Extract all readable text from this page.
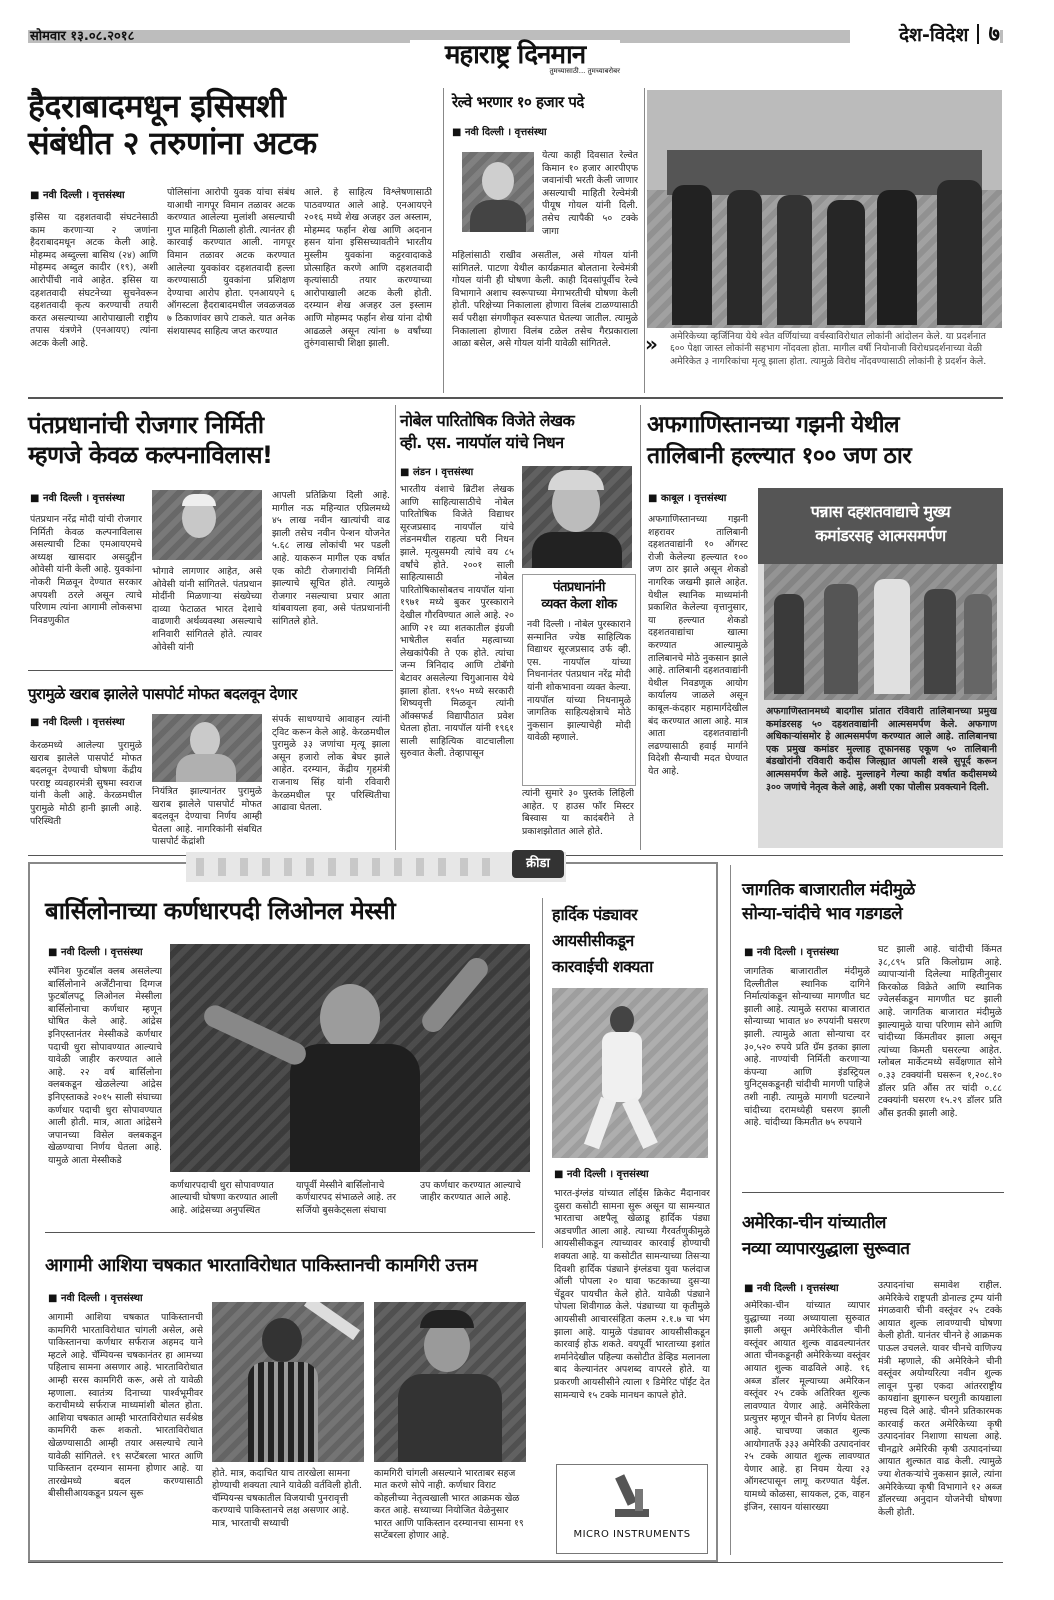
सोमवार १३.०८.२०१८
महाराष्ट्र दिनमान
तुमच्यासाठी... तुमच्याबरोबर
देश-विदेश ७
हैदराबादमधून इसिसशी
संबंधीत २ तरुणांना अटक
■ नवी दिल्ली । वृत्तसंस्था
इसिस या दहशतवादी संघटनेसाठी काम करणाऱ्या २ जणांना हैदराबादमधून अटक केली आहे. मोहम्मद अब्दुल्ला बासिथ (२४) आणि मोहम्मद अब्दुल कादीर (१९), अशी आरोपींची नावे आहेत. इसिस या दहशतवादी संघटनेच्या सुचनेवरून दहशतवादी कृत्य करण्याची तयारी करत असल्याच्या आरोपाखाली राष्ट्रीय तपास यंत्रणेने (एनआयए) त्यांना अटक केली आहे.
पोलिसांना आरोपी युवक यांचा संबंध याआधी नागपूर विमान तळावर अटक करण्यात आलेल्या मुलांशी असल्याची गुप्त माहिती मिळाली होती. त्यानंतर ही कारवाई करण्यात आली. नागपूर विमान तळावर अटक करण्यात आलेल्या युवकांवर दहशतवादी हल्ला करण्यासाठी युवकांना प्रशिक्षण देण्याचा आरोप होता. एनआयएने ६ ऑगस्टला हैदराबादमधील जवळजवळ ७ ठिकाणांवर छापे टाकले. यात अनेक संशयास्पद साहित्य जप्त करण्यात
आले. हे साहित्य विश्लेषणासाठी पाठवण्यात आले आहे. एनआयएने २०१६ मध्ये शेख अजहर उल अस्लाम, मोहम्मद फर्हान शेख आणि अदनान हसन यांना इसिसच्यावतीने भारतीय मुस्लीम युवकांना कट्टरवादाकडे प्रोत्साहित करणे आणि दहशतवादी कृत्यांसाठी तयार करण्याच्या आरोपाखाली अटक केली होती. दरम्यान शेख अजहर उल इस्लाम आणि मोहम्मद फर्हान शेख यांना दोषी आढळले असून त्यांना ७ वर्षांच्या तुरुंगवासाची शिक्षा झाली.
रेल्वे भरणार १० हजार पदे
■ नवी दिल्ली । वृत्तसंस्था
येत्या काही दिवसात रेल्वेत किमान १० हजार आरपीएफ जवानांची भरती केली जाणार असल्याची माहिती रेल्वेमंत्री पीयूष गोयल यांनी दिली. तसेच त्यापैकी ५० टक्के जागा
महिलांसाठी राखीव असतील, असे गोयल यांनी सांगितले. पाटणा येथील कार्यक्रमात बोलताना रेल्वेमंत्री गोयल यांनी ही घोषणा केली. काही दिवसांपूर्वीच रेल्वे विभागाने अशाच स्वरूपाच्या मेगाभरतीची घोषणा केली होती. परिक्षेच्या निकालाला होणारा विलंब टाळण्यासाठी सर्व परीक्षा संगणीकृत स्वरूपात घेतल्या जातील. त्यामुळे निकालाला होणारा विलंब टळेल तसेच गैरप्रकाराला आळा बसेल, असे गोयल यांनी यावेळी सांगितले.	» अमेरिकेच्या व्हर्जिनिया येथे श्वेत वर्णियांच्या वर्चस्वाविरोधात लोकांनी आंदोलन केले. या प्रदर्शनात ६०० पेक्षा जास्त लोकांनी सहभाग नोंदवला होता. मागील वर्षी नियोनाजी विरोधप्रदर्शनाच्या वेळी अमेरिकेत ३ नागरिकांचा मृत्यू झाला होता. त्यामुळे विरोध नोंदवण्यासाठी लोकांनी हे प्रदर्शन केले.
पंतप्रधानांची रोजगार निर्मिती
म्हणजे केवळ कल्पनाविलास!
■ नवी दिल्ली । वृत्तसंस्था
पंतप्रधान नरेंद्र मोदी यांची रोजगार निर्मिती केवळ कल्पनाविलास असल्याची टिका एमआयएमचे अध्यक्ष खासदार असदुद्दीन ओवेसी यांनी केली आहे. युवकांना नोकरी मिळवून देण्यात सरकार अपयशी ठरले असून त्याचे परिणाम त्यांना आगामी लोकसभा निवडणुकीत
भोगावे लागणार आहेत, असे ओवेसी यांनी सांगितले. पंतप्रधान मोदींनी मिळणाऱ्या संख्येच्या दाव्या फेटाळत भारत देशाचे वाढणारी अर्थव्यवस्था असल्याचे शनिवारी सांगितले होते. त्यावर ओवेसी यांनी
आपली प्रतिक्रिया दिली आहे. मागील नऊ महिन्यात एप्रिलमध्ये ४५ लाख नवीन खात्यांची वाढ झाली तसेच नवीन पेन्शन योजनेत ५.६८ लाख लोकांची भर पडली आहे. याकरून मागील एक वर्षात एक कोटी रोजगारांची निर्मिती झाल्याचे सूचित होते. त्यामुळे रोजगार नसल्याचा प्रचार आता थांबवायला हवा, असे पंतप्रधानांनी सांगितले होते.
पुरामुळे खराब झालेले पासपोर्ट मोफत बदलवून देणार
■ नवी दिल्ली । वृत्तसंस्था
केरळमध्ये आलेल्या पुरामुळे खराब झालेले पासपोर्ट मोफत बदलवून देण्याची घोषणा केंद्रीय परराष्ट्र व्यवहारमंत्री सुषमा स्वराज यांनी केली आहे. केरळमधील पुरामुळे मोठी हानी झाली आहे. परिस्थिती
नियंत्रित झाल्यानंतर पुरामुळे खराब झालेले पासपोर्ट मोफत बदलवून देण्याचा निर्णय आम्ही घेतला आहे. नागरिकांनी संबधित पासपोर्ट केंद्रांशी
संपर्क साधण्याचे आवाहन त्यांनी ट्विट करून केले आहे. केरळमधील पुरामुळे ३३ जणांचा मृत्यू झाला असून हजारो लोक बेघर झाले आहेत. दरम्यान, केंद्रीय गृहमंत्री राजनाथ सिंह यांनी रविवारी केरळमधील पूर परिस्थितीचा आढावा घेतला.
नोबेल पारितोषिक विजेते लेखक
व्ही. एस. नायपॉल यांचे निधन
■ लंडन । वृत्तसंस्था
भारतीय वंशाचे ब्रिटीश लेखक आणि साहित्यासाठीचे नोबेल पारितोषिक विजेते विद्याधर सूरजप्रसाद नायपॉल यांचे लंडनमधील राहत्या घरी निधन झाले. मृत्युसमयी त्यांचे वय ८५ वर्षांचे होते. २००१ साली साहित्यासाठी नोबेल पारितोषिकासोबतच नायपॉल यांना १९७१ मध्ये बुकर पुरस्काराने देखील गौरविण्यात आले आहे. २० आणि २१ व्या शतकातील इंग्रजी भाषेतील सर्वात महत्वाच्या लेखकांपैकी ते एक होते. त्यांचा जन्म त्रिनिदाद आणि टोबॅगो बेटावर असलेल्या चिगुआनास येथे झाला होता. १९५० मध्ये सरकारी शिष्यवृत्ती मिळवून त्यांनी ऑक्सफर्ड विद्यापीठात प्रवेश घेतला होता. नायपॉल यांनी १९६१ साली साहित्यिक वाटचालीला सुरुवात केली. तेव्हापासून
पंतप्रधानांनी
व्यक्त केला शोक
नवी दिल्ली । नोबेल पुरस्काराने सन्मानित ज्येष्ठ साहित्यिक विद्याधर सूरजप्रसाद उर्फ व्ही. एस. नायपॉल यांच्या निधनानंतर पंतप्रधान नरेंद्र मोदी यांनी शोकभावना व्यक्त केल्या. नायपॉल यांच्या निधनामुळे जागतिक साहित्यक्षेत्राचे मोठे नुकसान झाल्याचेही मोदी यावेळी म्हणाले.
त्यांनी सुमारे ३० पुस्तके लिहिली आहेत. ए हाउस फॉर मिस्टर बिस्वास या कादंबरीने ते प्रकाशझोतात आले होते.
अफगाणिस्तानच्या गझनी येथील
तालिबानी हल्ल्यात १०० जण ठार
■ काबूल । वृत्तसंस्था
अफगाणिस्तानच्या गझनी शहरावर तालिबानी दहशतवाद्यांनी १० ऑगस्ट रोजी केलेल्या हल्ल्यात १०० जण ठार झाले असून शेकडो नागरिक जखमी झाले आहेत. येथील स्थानिक माध्यमांनी प्रकाशित केलेल्या वृत्तानुसार, या हल्ल्यात शेकडो दहशतवाद्यांचा खात्मा करण्यात आल्यामुळे तालिबानचे मोठे नुकसान झाले आहे. तालिबानी दहशतवाद्यांनी येथील निवडणूक आयोग कार्यालय जाळले असून काबूल-कंदहार महामार्गदेखील बंद करण्यात आला आहे. मात्र आता दहशतवाद्यांनी लढण्यासाठी हवाई मार्गाने विदेशी सैन्याची मदत घेण्यात येत आहे.
पन्नास दहशतवाद्याचे मुख्य
कमांडरसह आत्मसमर्पण
अफगाणिस्तानमध्ये बादगीस प्रांतात रविवारी तालिबानच्या प्रमुख कमांडरसह ५० दहशतवाद्यांनी आत्मसमर्पण केले. अफगाण अधिकाऱ्यांसमोर हे आत्मसमर्पण करण्यात आले आहे. तालिबानचा एक प्रमुख कमांडर मुल्लाह तूफानसह एकूण ५० तालिबानी बंडखोरांनी रविवारी कदीस जिल्ह्यात आपली शस्त्रे सुपूर्द करून आत्मसमर्पण केले आहे. मुल्लाहने गेल्या काही वर्षात कदीसमध्ये ३०० जणांचे नेतृत्व केले आहे, अशी एका पोलीस प्रवक्त्याने दिली.
क्रीडा
बार्सिलोनाच्या कर्णधारपदी लिओनल मेस्सी
■ नवी दिल्ली । वृत्तसंस्था
स्पॅनिश फुटबॉल क्लब असलेल्या बार्सिलोनाने अर्जेंटीनाचा दिग्गज फुटबॉलपटू लिओनल मेस्सीला बार्सिलोनाचा कर्णधार म्हणून घोषित केले आहे. आंद्रेस इनिएस्तानंतर मेस्सीकडे कर्णधार पदाची धुरा सोपावण्यात आल्याचे यावेळी जाहीर करण्यात आले आहे. २२ वर्ष बार्सिलोना क्लबकडून खेळलेल्या आंद्रेस इनिएस्ताकडे २०१५ साली संघाच्या कर्णधार पदाची धुरा सोपावण्यात आली होती. मात्र, आता आंद्रेसने जपानच्या विसेल क्लबकडून खेळण्याचा निर्णय घेतला आहे. यामुळे आता मेस्सीकडे
कर्णधारपदाची धुरा सोपावण्यात आल्याची घोषणा करण्यात आली आहे. आंद्रेसच्या अनुपस्थित
यापूर्वी मेस्सीने बार्सिलोनाचे कर्णधारपद संभाळले आहे. तर सर्जियो बुसकेट्सला संघाचा
उप कर्णधार करण्यात आल्याचे जाहीर करण्यात आले आहे.
हार्दिक पंड्यावर
आयसीसीकडून
कारवाईची शक्यता
■ नवी दिल्ली । वृत्तसंस्था
भारत-इंग्लंड यांच्यात लॉर्ड्स क्रिकेट मैदानावर दुसरा कसोटी सामना सुरू असून या सामन्यात भारताचा अष्टपैलू खेळाडू हार्दिक पंड्या अडचणीत आला आहे. त्याच्या गैरवर्तणुकीमुळे आयसीसीकडून त्याच्यावर कारवाई होण्याची शक्यता आहे. या कसोटीत सामन्याच्या तिसऱ्या दिवशी हार्दिक पंड्याने इंग्लंडचा युवा फलंदाज ऑली पोपला २० धावा फटकाच्या दुसऱ्या चेंडूवर पायचीत केले होते. यावेळी पंड्याने पोपला शिवीगाळ केले. पंड्याच्या या कृतीमुळे आयसीसी आचारसंहिता कलम २.१.७ चा भंग झाला आहे. यामुळे पंड्यावर आयसीसीकडून कारवाई होऊ शकते. वयपूर्वी भारताच्या इशांत शर्मानेदेखील पहिल्या कसोटीत डेव्हिड मलानला बाद केल्यानंतर अपशब्द वापरले होते. या प्रकरणी आयसीसीने त्याला १ डिमेरिट पॉईंट देत सामन्याचे १५ टक्के मानधन कापले होते.
आगामी आशिया चषकात भारताविरोधात पाकिस्तानची कामगिरी उत्तम
■ नवी दिल्ली । वृत्तसंस्था
आगामी आशिया चषकात पाकिस्तानची कामगिरी भारताविरोधात चांगली असेल, असे पाकिस्तानचा कर्णधार सर्फराज अहमद याने म्हटले आहे. चॅम्पियन्स चषकानंतर हा आमच्या पहिलाच सामना असणार आहे. भारताविरोधात आम्ही सरस कामगिरी करू, असे तो यावेळी म्हणाला. स्वातंत्र्य दिनाच्या पार्श्वभूमीवर कराचीमध्ये सर्फराज माध्यमांशी बोलत होता. आशिया चषकात आम्ही भारताविरोधात सर्वश्रेष्ठ कामगिरी करू शकतो. भारताविरोधात खेळण्यासाठी आम्ही तयार असल्याचे त्याने यावेळी सांगितले. १९ सप्टेंबरला भारत आणि पाकिस्तान दरम्यान सामना होणार आहे. या तारखेमध्ये बदल करण्यासाठी बीसीसीआयकडून प्रयत्न सुरू
होते. मात्र, कदाचित याच तारखेला सामना होण्याची शक्यता त्याने यावेळी वर्तविली होती. चॅम्पियन्स चषकातील विजयाची पुनरावृत्ती करण्याचे पाकिस्तानचे लक्ष असणार आहे. मात्र, भारताची सध्याची
कामगिरी चांगली असल्याने भारताबर सहज मात करणे सोपे नाही. कर्णधार विराट कोहलीच्या नेतृत्वखाली भारत आक्रमक खेळ करत आहे. सध्याच्या नियोजित वेळेनुसार भारत आणि पाकिस्तान दरम्यानचा सामना १९ सप्टेंबरला होणार आहे.	MICRO INSTRUMENTS
जागतिक बाजारातील मंदीमुळे
सोन्या-चांदीचे भाव गडगडले
■ नवी दिल्ली । वृत्तसंस्था
जागतिक बाजारातील मंदीमुळे दिल्लीतील स्थानिक दागिने निर्मात्यांकडून सोन्याच्या मागणीत घट झाली आहे. त्यामुळे सराफा बाजारात सोन्याच्या भावात ४० रुपयांनी घसरण झाली. त्यामुळे आता सोन्याचा दर ३०,५२० रुपये प्रति ग्रॅम इतका झाला आहे. नाण्यांची निर्मिती करणाऱ्या कंपन्या आणि इंडस्ट्रियल युनिट्सकडूनही चांदीची मागणी पाहिजे तशी नाही. त्यामुळे मागणी घटल्याने चांदीच्या दरामध्येही घसरण झाली आहे. चांदीच्या किमतीत ७५ रुपयाने
घट झाली आहे. चांदीची किंमत ३८,८९५ प्रति किलोग्राम आहे. व्यापाऱ्यांनी दिलेल्या माहितीनुसार किरकोळ विक्रेते आणि स्थानिक ज्वेलर्सकडून मागणीत घट झाली आहे. जागतिक बाजारात मंदीमुळे झाल्यामुळे याचा परिणाम सोने आणि चांदीच्या किंमतीवर झाला असून त्यांच्या किमती घसरल्या आहेत. ग्लोबल मार्केटमध्ये सर्वेक्षणात सोने ०.३३ टक्क्यांनी घसरून १,२०८.१० डॉलर प्रति औंस तर चांदी ०.८८ टक्क्यांनी घसरण १५.२९ डॉलर प्रति औंस इतकी झाली आहे.
अमेरिका-चीन यांच्यातील
नव्या व्यापारयुद्धाला सुरूवात
■ नवी दिल्ली । वृत्तसंस्था
अमेरिका-चीन यांच्यात व्यापार युद्धाच्या नव्या अध्यायाला सुरुवात झाली असून अमेरिकेतील चीनी वस्तूंवर आयात शुल्क वाढवल्यानंतर आता चीनकडूनही अमेरिकेच्या वस्तूंवर आयात शुल्क वाढविले आहे. १६ अब्ज डॉलर मूल्याच्या अमेरिकन वस्तूंवर २५ टक्के अतिरिक्त शुल्क लावण्यात येणार आहे. अमेरिकेला प्रत्युत्तर म्हणून चीनने हा निर्णय घेतला आहे. चाचण्या जकात शुल्क आयोगातर्फे ३३३ अमेरिकी उत्पादनांवर २५ टक्के आयात शुल्क लावण्यात येणार आहे. हा नियम येत्या २३ ऑगस्टपासून लागू करण्यात येईल. यामध्ये कोळसा, सायकल, ट्रक, वाहन इंजिन, रसायन यांसारख्या
उत्पादनांचा समावेश राहील. अमेरिकेचे राष्ट्रपती डोनाल्ड ट्रम्प यांनी मंगळवारी चीनी वस्तूंवर २५ टक्के आयात शुल्क लावण्याची घोषणा केली होती. यानंतर चीनने हे आक्रमक पाऊल उचलले. यावर चीनचे वाणिज्य मंत्री म्हणाले, की अमेरिकेने चीनी वस्तूंवर अयोग्यरित्या नवीन शुल्क लावून पुन्हा एकदा आंतरराष्ट्रीय कायद्यांना झुगारून घरगुती कायद्याला महत्त्व दिले आहे. चीनने प्रतिकारमक कारवाई करत अमेरिकेच्या कृषी उत्पादनांवर निशाणा साधला आहे. चीनद्वारे अमेरिकी कृषी उत्पादनांच्या आयात शुल्कात वाढ केली. त्यामुळे ज्या शेतकऱ्यांचे नुकसान झाले, त्यांना अमेरिकेच्या कृषी विभागाने १२ अब्ज डॉलरच्या अनुदान योजनेची घोषणा केली होती.
